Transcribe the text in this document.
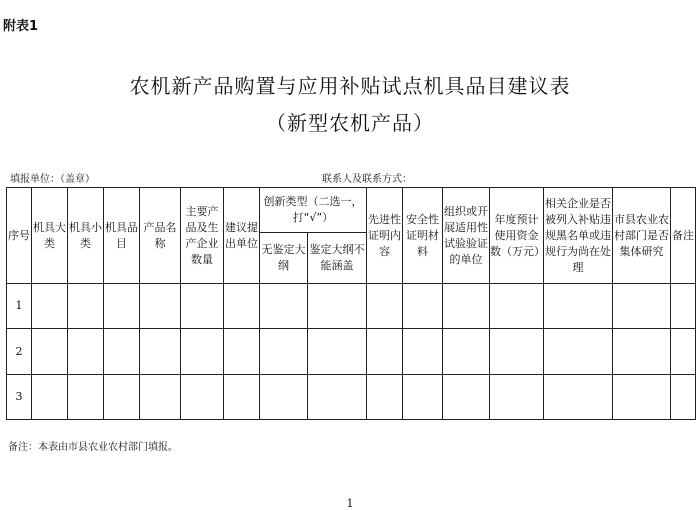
附表1
农机新产品购置与应用补贴试点机具品目建议表
（新型农机产品）
填报单位：（盖章）	联系人及联系方式：
序号	机具大类	机具小类	机具品目	产品名称	主要产品及生产企业数量	建议提出单位	创新类型（二选一，打“√”）		先进性证明内容	安全性证明材料	组织或开展适用性试验验证的单位	年度预计使用资金数（万元）	相关企业是否被列入补贴违规黑名单或违规行为尚在处理	市县农业农村部门是否集体研究	备注
							无鉴定大纲	鉴定大纲不能涵盖							
1															
2															
3															
备注：本表由市县农业农村部门填报。
1
